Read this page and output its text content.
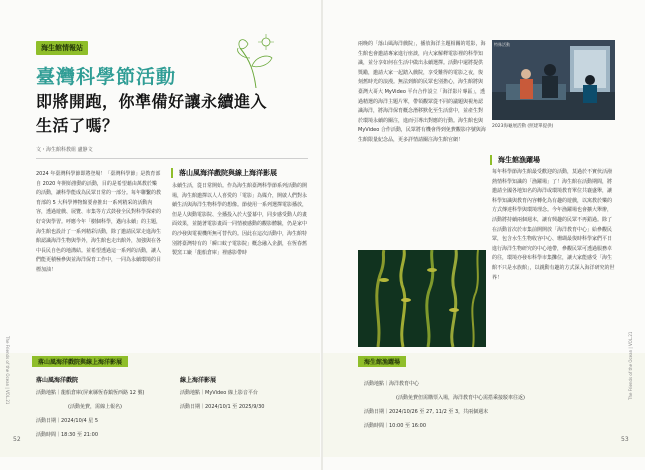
海生館情報站
臺灣科學節活動
即將開跑，你準備好讓永續進入生活了嗎？
文・海生館科教組 盧静文
2024 年臺灣科學節即將登場！「臺灣科學節」是教育部自 2020 年開始推動的活動，目的是希望藉由萬教於樂的活動，讓科學能成為民眾日常的一部分。每年聯繫的教育部的 5 大科學博物館要會推出一系列精采的活動內容，透過遊戲、展覽、市集等方式鼓發全民對科學探索的好奇與學習。呼應今年「樹個科學，邁向永續」的主題，海生館也設計了一系列精彩活動，除了邀請民眾走進海生館認識海洋生物與學外，海生館也走出館外，加強與在各中長民自色的地溝結。並希望透過這一系列的活動，讓人們能更積極參與並海洋保育工作中，一同為永續環境的目標加油！
落山風海洋戲院與線上海洋影展
永續生活，從日常開始。作為海生館臺灣科學節系列活動的開場，海生館邀擇以人人喜愛的「電影」為媒介，開啟人們對永續生活與海洋生物科學的想像。節使用一系列選擇電影播放，但是人與動電影院、全播投入於大螢幕中，同步感受動人的畫面效果，並隨著電影畫面一同情被感動的觀影體驗，仍是家中的沙發與電視機所無可替代的。因此在這次活動中，海生館特別將臺灣特有的「瞬口蚊子電影院」概念融入企劃，在恆春舊製窯工廠「龍船倉庫」裡感影帶時
落山風海洋戲院與線上海洋影展
落山風海洋戲院
活動地點｜龍船倉庫(屏東縣恆春鎮恆西路 12 號)
(活動免費，需線上報名)
活動日期｜2024/10/4 星 5
活動時間｜18:30 至 21:00
線上海洋影展
活動地點｜MyVideo 線上影音平台
活動日期｜2024/10/1 至 2025/9/30
52
The Friends of the Ocean | VOL.21
兩晚的「落山風海洋戲院」，播放海洋主題相關的電影，海生館也會邀請專家進行座談，向大家解釋電影裡的科學知識，並分享如何在生活中做出永續選擇。活動中還將提供獎勵，邀請大家一起踏入戲院，享受難得的電影之夜，復刻舊時光的浪漫。無法到館的民眾也別擔心，海生館將與臺灣大哥大 MyVideo 平台合作設立「海洋影片專區」，透過精選的海洋主題片單，帶領觀眾從不同的議題與視角認識海洋，將海洋保育概念潛移默化至生活當中，並產生對於環境永續的關注，進而引導出對應的行動。海生館也與 MyVideo 合作活動，民眾將有機會得到免費觀影序號與海生館限量紀念品，更多詳情請關注海生館官網！
特殊活動
2023海龜展活動 (照建單提供)
海生館漁躍場
每年科學節海生館最受歡迎的活動，莫過於不實伙活潑熱情科學知識的「漁躍場」了！海生館在活動期間，將邀請全國各地知名的海洋或環境教育單位共襄盛舉，讓科學知識與教育內容轉化為有趣的遊戲，以寓教於樂的方式傳達科學與環境理念。今年漁躍場也會擴大舉辦，活動將持續兩個週末，讓有興趣的民眾不再錯過。除了在活動首次於市集前開開放「海洋教育中心」給參觀民眾，包含水生生物收容中心、珊瑚最復時科學家們平日進行海洋生物研究的中心地帶，參觀民眾可透過服務卓的往，環境亦發布科學市集攤位，讓大家能感受「海生館不只是水族館」，以親動有趣的方式深入海洋研究的世界！
海生館漁躍場
活動地點｜海洋教育中心
(活動免費但需購票入場，海洋教育中心需搭乘接駁車往返)
活動日期｜2024/10/26 至 27, 11/2 至 3，共兩個週末
活動時間｜10:00 至 16:00
53
The Friends of the Ocean | VOL.21
